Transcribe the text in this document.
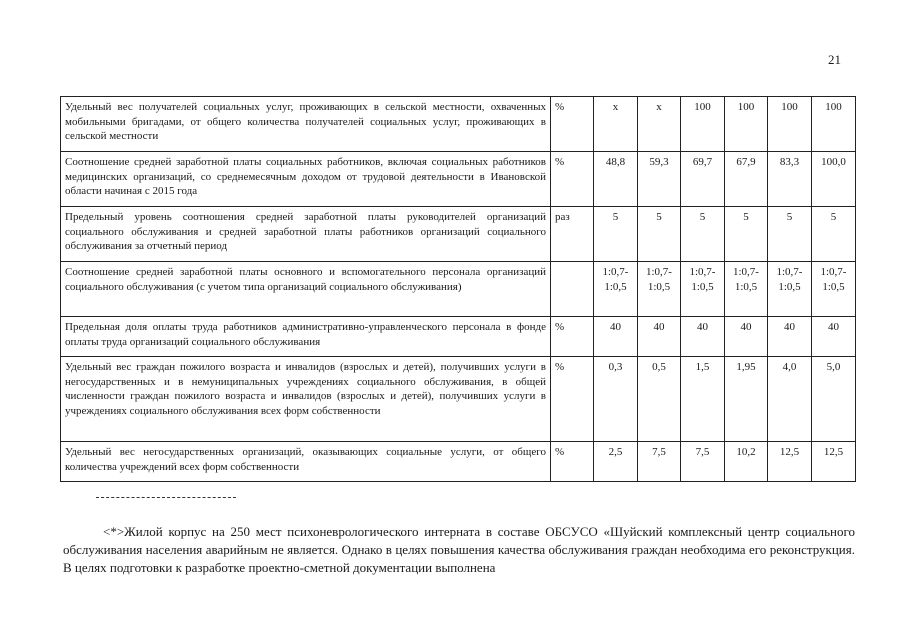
21
Удельный вес получателей социальных услуг, проживающих в сельской местности, охваченных мобильными бригадами, от общего количества получателей социальных услуг, проживающих в сельской местности	%	x	x	100	100	100	100
Соотношение средней заработной платы социальных работников, включая социальных работников медицинских организаций, со среднемесячным доходом от трудовой деятельности в Ивановской области начиная с 2015 года	%	48,8	59,3	69,7	67,9	83,3	100,0
Предельный уровень соотношения средней заработной платы руководителей организаций социального обслуживания и средней заработной платы работников организаций социального обслуживания за отчетный период	раз	5	5	5	5	5	5
Соотношение средней заработной платы основного и вспомогательного персонала организаций социального обслуживания (с учетом типа организаций социального обслуживания)		1:0,7-1:0,5	1:0,7-1:0,5	1:0,7-1:0,5	1:0,7-1:0,5	1:0,7-1:0,5	1:0,7-1:0,5
Предельная доля оплаты труда работников административно-управленческого персонала в фонде оплаты труда организаций социального обслуживания	%	40	40	40	40	40	40
Удельный вес граждан пожилого возраста и инвалидов (взрослых и детей), получивших услуги в негосударственных и в немуниципальных учреждениях социального обслуживания, в общей численности граждан пожилого возраста и инвалидов (взрослых и детей), получивших услуги в учреждениях социального обслуживания всех форм собственности	%	0,3	0,5	1,5	1,95	4,0	5,0
Удельный вес негосударственных организаций, оказывающих социальные услуги, от общего количества учреждений всех форм собственности	%	2,5	7,5	7,5	10,2	12,5	12,5

<*>Жилой корпус на 250 мест психоневрологического интерната в составе ОБСУСО «Шуйский комплексный центр социального обслуживания населения аварийным не является. Однако в целях повышения качества обслуживания граждан необходима его реконструкция. В целях подготовки к разработке проектно-сметной документации выполнена
